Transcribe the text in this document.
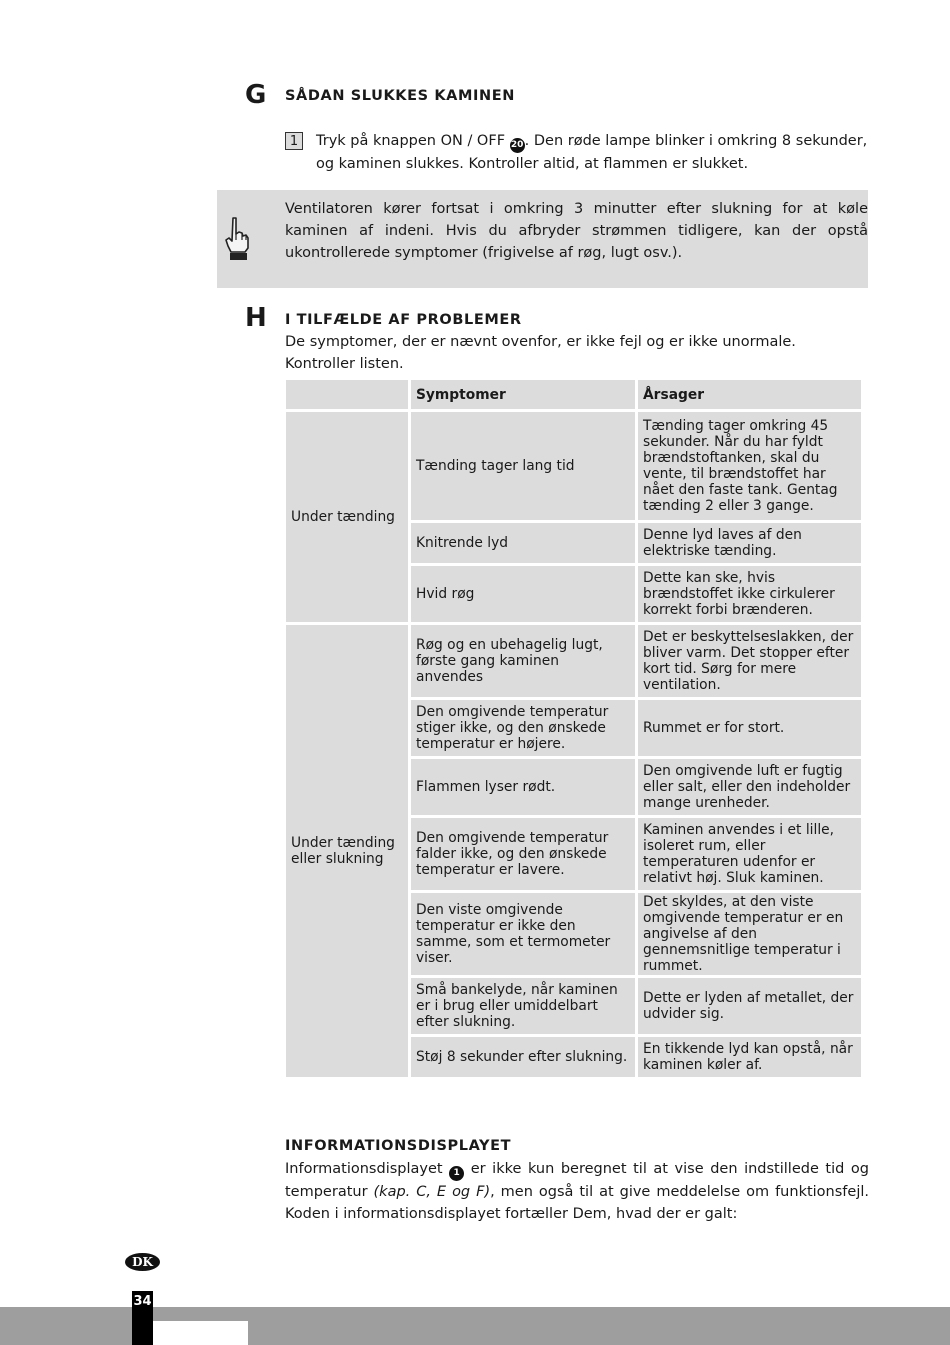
G SÅDAN SLUKKES KAMINEN
1	Tryk på knappen ON / OFF 20. Den røde lampe blinker i omkring 8 sekunder, og kaminen slukkes. Kontroller altid, at flammen er slukket.
Ventilatoren kører fortsat i omkring 3 minutter efter slukning for at køle kaminen af indeni. Hvis du afbryder strømmen tidligere, kan der opstå ukontrollerede symptomer (frigivelse af røg, lugt osv.).
H I TILFÆLDE AF PROBLEMER
De symptomer, der er nævnt ovenfor, er ikke fejl og er ikke unormale.
Kontroller listen.
	Symptomer	Årsager
Under tænding	Tænding tager lang tid	Tænding tager omkring 45 sekunder. Når du har fyldt brændstoftanken, skal du vente, til brændstoffet har nået den faste tank. Gentag tænding 2 eller 3 gange.
	Knitrende lyd	Denne lyd laves af den elektriske tænding.
	Hvid røg	Dette kan ske, hvis brændstoffet ikke cirkulerer korrekt forbi brænderen.
Under tænding eller slukning	Røg og en ubehagelig lugt, første gang kaminen anvendes	Det er beskyttelseslakken, der bliver varm. Det stopper efter kort tid. Sørg for mere ventilation.
	Den omgivende temperatur stiger ikke, og den ønskede temperatur er højere.	Rummet er for stort.
	Flammen lyser rødt.	Den omgivende luft er fugtig eller salt, eller den indeholder mange urenheder.
	Den omgivende temperatur falder ikke, og den ønskede temperatur er lavere.	Kaminen anvendes i et lille, isoleret rum, eller temperaturen udenfor er relativt høj. Sluk kaminen.
	Den viste omgivende temperatur er ikke den samme, som et termometer viser.	Det skyldes, at den viste omgivende temperatur er en angivelse af den gennemsnitlige temperatur i rummet.
	Små bankelyde, når kaminen er i brug eller umiddelbart efter slukning.	Dette er lyden af metallet, der udvider sig.
	Støj 8 sekunder efter slukning.	En tikkende lyd kan opstå, når kaminen køler af.
INFORMATIONSDISPLAYET
Informationsdisplayet 1 er ikke kun beregnet til at vise den indstillede tid og temperatur (kap. C, E og F), men også til at give meddelelse om funktionsfejl. Koden i informationsdisplayet fortæller Dem, hvad der er galt:
DK
34
